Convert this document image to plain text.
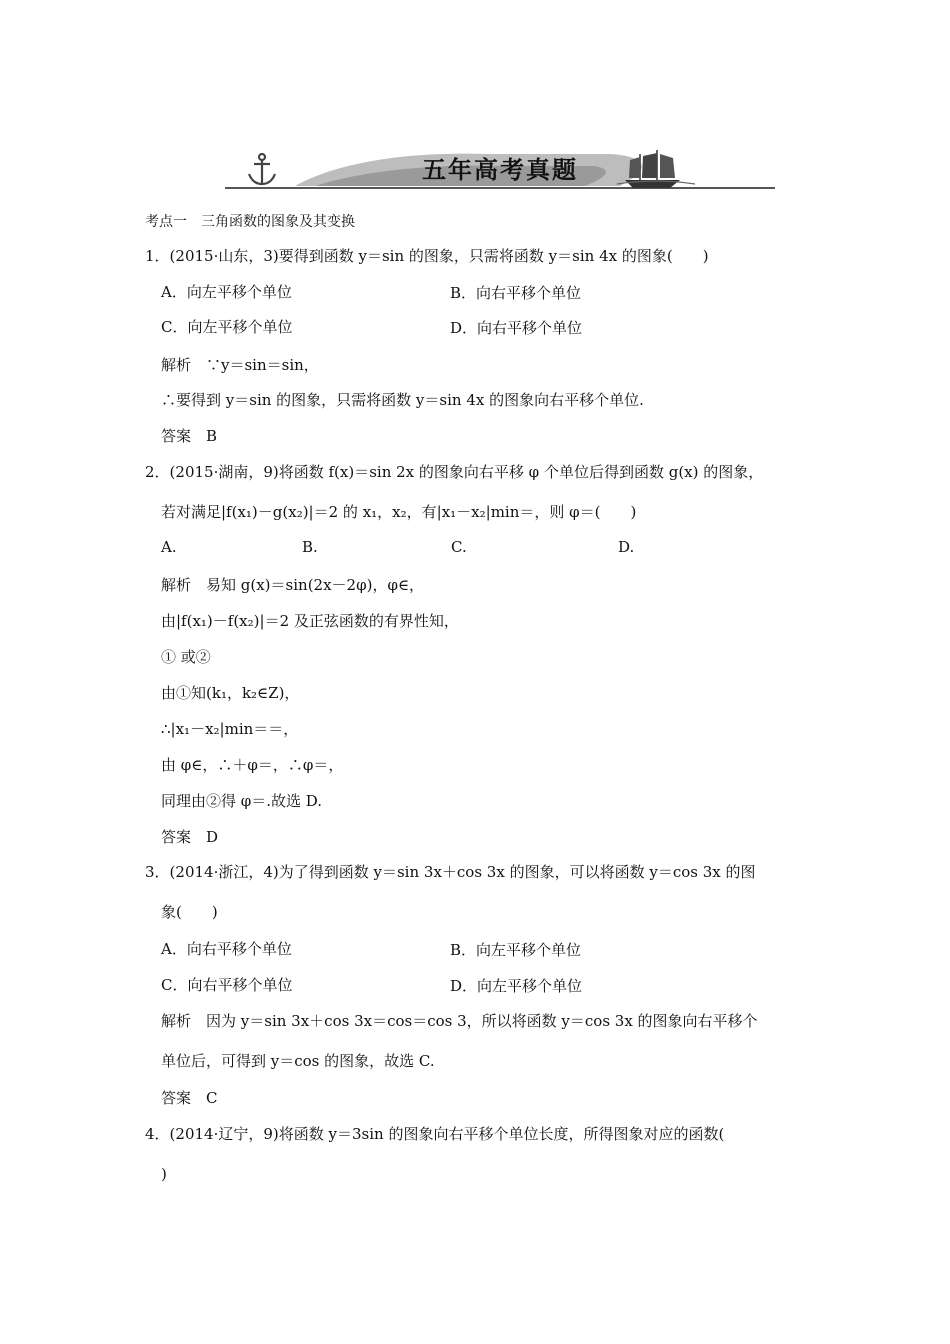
五年高考真题
考点一　三角函数的图象及其变换
1．(2015·山东，3)要得到函数 y＝sin 的图象，只需将函数 y＝sin 4x 的图象(　　)
A．向左平移个单位	B．向右平移个单位
C．向左平移个单位	D．向右平移个单位
解析　∵y＝sin＝sin，
∴要得到 y＝sin 的图象，只需将函数 y＝sin 4x 的图象向右平移个单位.
答案　B
2．(2015·湖南，9)将函数 f(x)＝sin 2x 的图象向右平移 φ 个单位后得到函数 g(x) 的图象，
若对满足|f(x₁)－g(x₂)|＝2 的 x₁，x₂，有|x₁－x₂|min＝，则 φ＝(　　)
A.	B.	C.	D.
解析　易知 g(x)＝sin(2x－2φ)，φ∈，
由|f(x₁)－f(x₂)|＝2 及正弦函数的有界性知，
① 或②
由①知(k₁，k₂∈Z)，
∴|x₁－x₂|min＝＝，
由 φ∈，∴＋φ＝，∴φ＝，
同理由②得 φ＝.故选 D.
答案　D
3．(2014·浙江，4)为了得到函数 y＝sin 3x＋cos 3x 的图象，可以将函数 y＝cos 3x 的图
象(　　)
A．向右平移个单位	B．向左平移个单位
C．向右平移个单位	D．向左平移个单位
解析　因为 y＝sin 3x＋cos 3x＝cos＝cos 3，所以将函数 y＝cos 3x 的图象向右平移个
单位后，可得到 y＝cos 的图象，故选 C.
答案　C
4．(2014·辽宁，9)将函数 y＝3sin 的图象向右平移个单位长度，所得图象对应的函数(
)
